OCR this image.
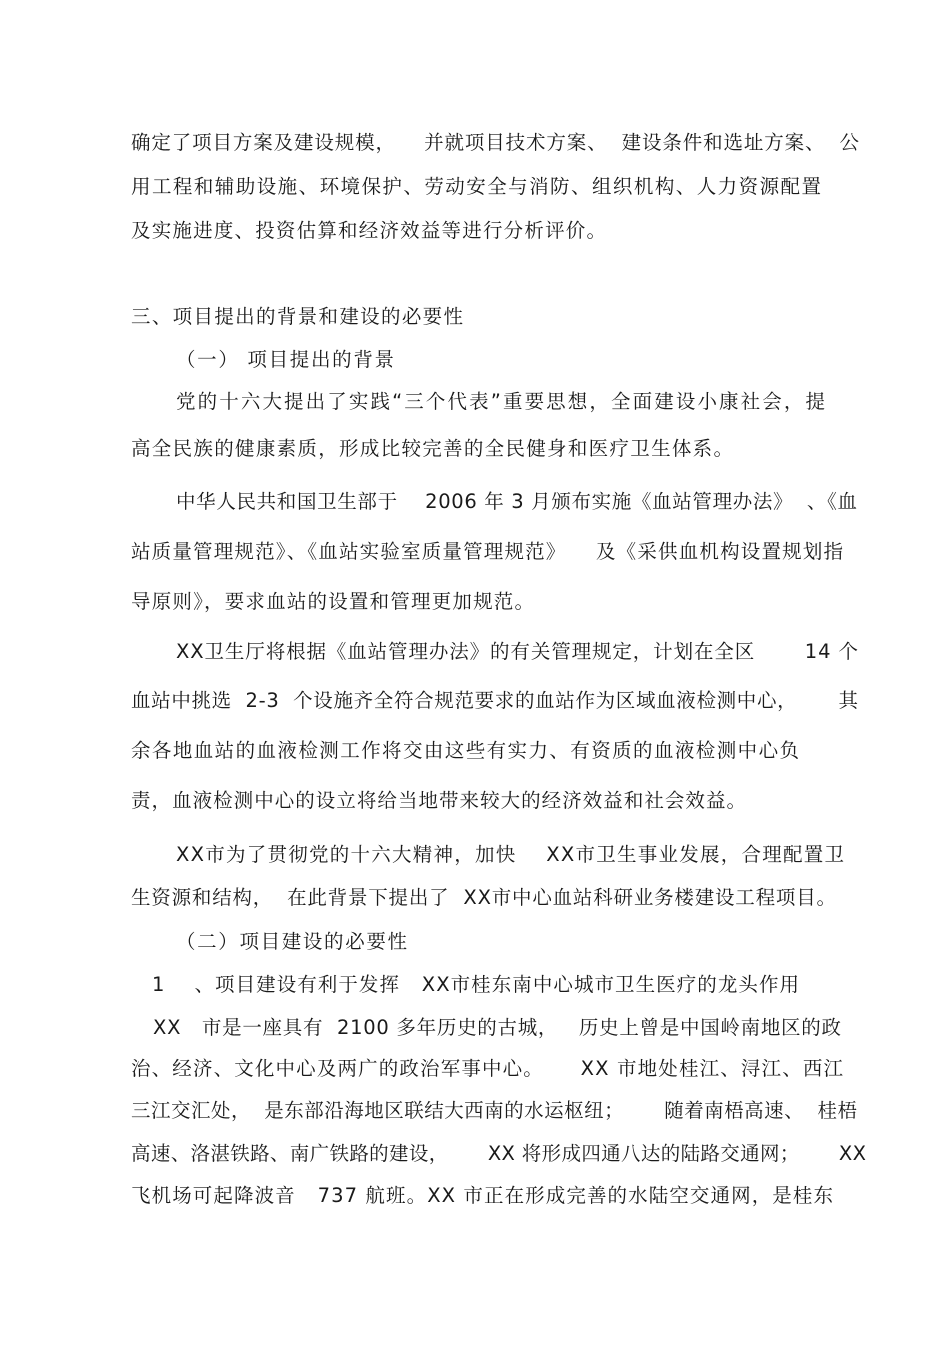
确定了项目方案及建设规模，    并就项目技术方案、  建设条件和选址方案、  公
用工程和辅助设施、环境保护、劳动安全与消防、组织机构、人力资源配置
及实施进度、投资估算和经济效益等进行分析评价。
三、项目提出的背景和建设的必要性
（一） 项目提出的背景
党的十六大提出了实践“三个代表”重要思想，全面建设小康社会，提
高全民族的健康素质，形成比较完善的全民健身和医疗卫生体系。
中华人民共和国卫生部于    2006 年 3 月颁布实施《血站管理办法》  、《血
站质量管理规范》、《血站实验室质量管理规范》    及《采供血机构设置规划指
导原则》，要求血站的设置和管理更加规范。
XX卫生厅将根据《血站管理办法》的有关管理规定，计划在全区       14 个
血站中挑选  2-3  个设施齐全符合规范要求的血站作为区域血液检测中心，      其
余各地血站的血液检测工作将交由这些有实力、有资质的血液检测中心负
责，血液检测中心的设立将给当地带来较大的经济效益和社会效益。
XX市为了贯彻党的十六大精神，加快    XX市卫生事业发展，合理配置卫
生资源和结构，  在此背景下提出了  XX市中心血站科研业务楼建设工程项目。
（二）项目建设的必要性
1    、项目建设有利于发挥   XX市桂东南中心城市卫生医疗的龙头作用
XX   市是一座具有  2100 多年历史的古城，   历史上曾是中国岭南地区的政
治、经济、文化中心及两广的政治军事中心。     XX 市地处桂江、浔江、西江
三江交汇处，  是东部沿海地区联结大西南的水运枢纽；      随着南梧高速、  桂梧
高速、洛湛铁路、南广铁路的建设，      XX 将形成四通八达的陆路交通网；      XX
飞机场可起降波音   737 航班。XX 市正在形成完善的水陆空交通网，是桂东
